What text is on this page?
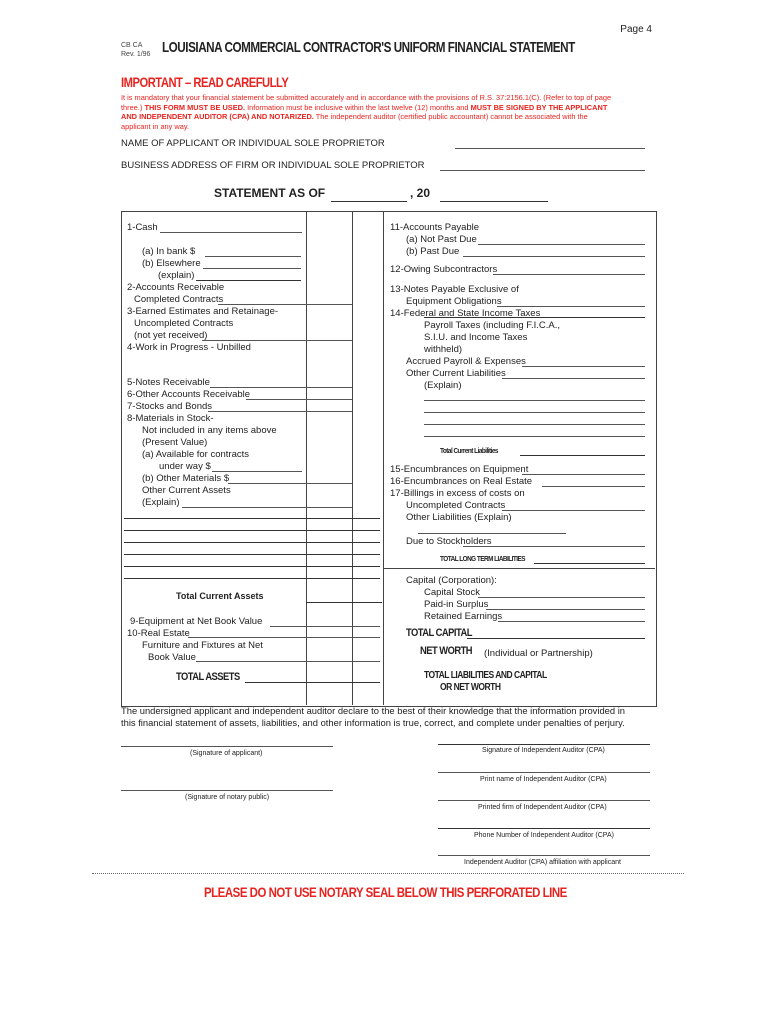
Page 4
CB CA
Rev. 1/96 LOUISIANA COMMERCIAL CONTRACTOR'S UNIFORM FINANCIAL STATEMENT
IMPORTANT – READ CAREFULLY
It is mandatory that your financial statement be submitted accurately and in accordance with the provisions of R.S. 37:2156.1(C). (Refer to top of page
three.) THIS FORM MUST BE USED. Information must be inclusive within the last twelve (12) months and MUST BE SIGNED BY THE APPLICANT
AND INDEPENDENT AUDITOR (CPA) AND NOTARIZED. The independent auditor (certified public accountant) cannot be associated with the
applicant in any way.
NAME OF APPLICANT OR INDIVIDUAL SOLE PROPRIETOR
BUSINESS ADDRESS OF FIRM OR INDIVIDUAL SOLE PROPRIETOR
STATEMENT AS OF	, 20
1-Cash
(a) In bank $
(b) Elsewhere
(explain)
2-Accounts Receivable
Completed Contracts
3-Earned Estimates and Retainage-
Uncompleted Contracts
(not yet received)
4-Work in Progress - Unbilled
5-Notes Receivable
6-Other Accounts Receivable
7-Stocks and Bonds
8-Materials in Stock-
Not included in any items above
(Present Value)
(a) Available for contracts
under way $
(b) Other Materials $
Other Current Assets
(Explain)
Total Current Assets
9-Equipment at Net Book Value
10-Real Estate
Furniture and Fixtures at Net
Book Value
TOTAL ASSETS
11-Accounts Payable
(a) Not Past Due
(b) Past Due
12-Owing Subcontractors
13-Notes Payable Exclusive of
Equipment Obligations
14-Federal and State Income Taxes
Payroll Taxes (including F.I.C.A.,
S.I.U. and Income Taxes
withheld)
Accrued Payroll & Expenses
Other Current Liabilities
(Explain)
Total Current Liabilities
15-Encumbrances on Equipment
16-Encumbrances on Real Estate
17-Billings in excess of costs on
Uncompleted Contracts
Other Liabilities (Explain)
Due to Stockholders
TOTAL LONG TERM LIABILITIES
Capital (Corporation):
Capital Stock
Paid-in Surplus
Retained Earnings
TOTAL CAPITAL
NET WORTH (Individual or Partnership)
TOTAL LIABILITIES AND CAPITAL
OR NET WORTH
The undersigned applicant and independent auditor declare to the best of their knowledge that the information provided in
this financial statement of assets, liabilities, and other information is true, correct, and complete under penalties of perjury.
(Signature of applicant)
(Signature of notary public)
Signature of Independent Auditor (CPA)
Print name of Independent Auditor (CPA)
Printed firm of Independent Auditor (CPA)
Phone Number of Independent Auditor (CPA)
Independent Auditor (CPA) affiliation with applicant
PLEASE DO NOT USE NOTARY SEAL BELOW THIS PERFORATED LINE
